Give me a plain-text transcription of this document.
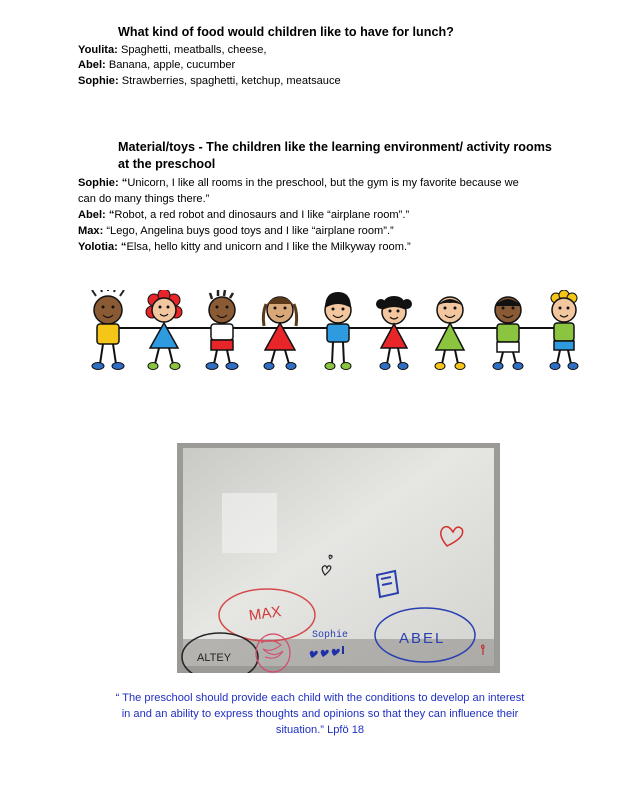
What kind of food would children like to have for lunch?
Youlita: Spaghetti, meatballs, cheese,
Abel: Banana, apple, cucumber
Sophie: Strawberries, spaghetti, ketchup, meatsauce
Material/toys - The children like the learning environment/ activity rooms
at the preschool
Sophie: “Unicorn, I like all rooms in the preschool, but the gym is my favorite because we
can do many things there.”
Abel: “Robot, a red robot and dinosaurs and I like “airplane room”.”
Max: “Lego, Angelina buys good toys and I like “airplane room”.”
Yolotia: “Elsa, hello kitty and unicorn and I like the Milkyway room.”
MAX
Sophie	ABEL
ALTEY
“ The preschool should provide each child with the conditions to develop an interest
in and an ability to express thoughts and opinions so that they can influence their
situation.” Lpfö 18
